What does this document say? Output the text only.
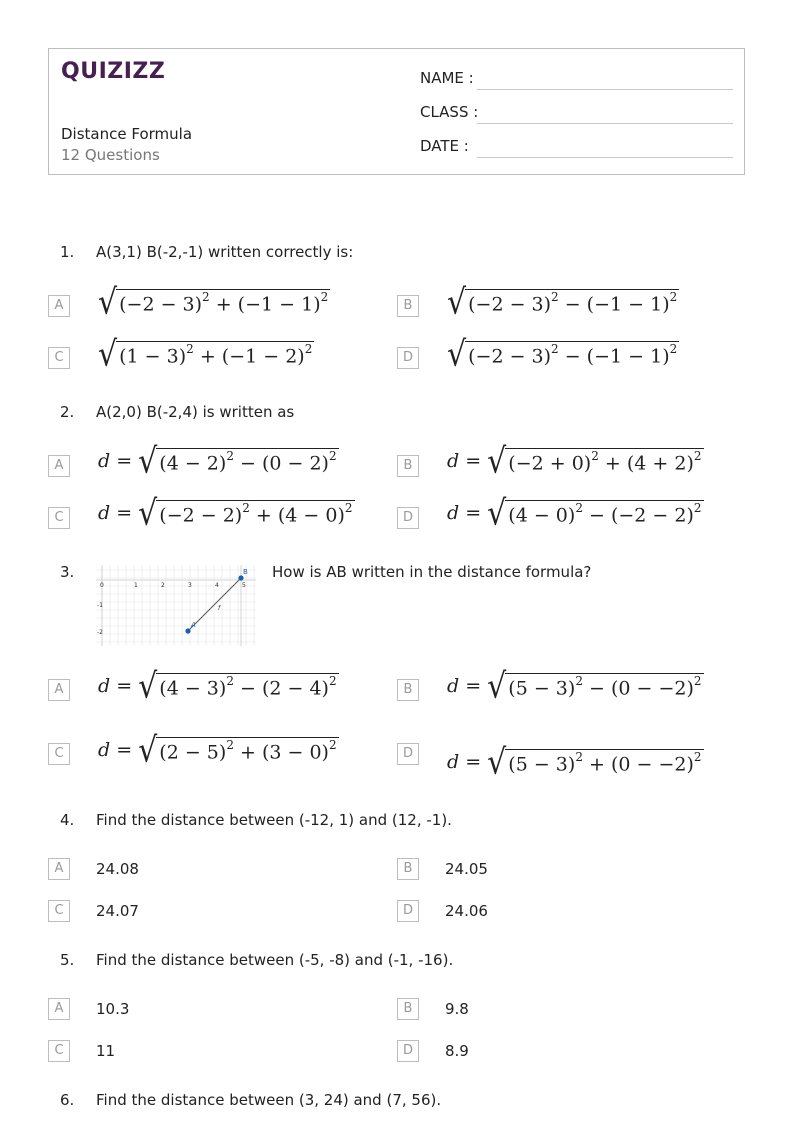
QUIZIZZ
Distance Formula
12 Questions
NAME :
CLASS :
DATE :
1. A(3,1) B(-2,-1) written correctly is:
A √ $(-2 - 3)^2 + (-1 - 1)^2$
B √ $(-2 - 3)^2 - (-1 - 1)^2$
C √ $(1 - 3)^2 + (-1 - 2)^2$
D √ $(-2 - 3)^2 - (-1 - 1)^2$
2. A(2,0) B(-2,4) is written as
A	d = √ $(4 - 2)^2 - (0 - 2)^2$
B	d = √ $(-2 + 0)^2 + (4 + 2)^2$
C	d = √ $(-2 - 2)^2 + (4 - 0)^2$
D	d = √ $(4 - 0)^2 - (-2 - 2)^2$
3.
0	1	2	3	4	5
-1
-2
A
B
f
How is AB written in the distance formula?
A	d = √ $(4 - 3)^2 - (2 - 4)^2$
B	d = √ $(5 - 3)^2 - (0 - -2)^2$
C	d = √ $(2 - 5)^2 + (3 - 0)^2$
D	d = √ $(5 - 3)^2 + (0 - -2)^2$
4. Find the distance between (-12, 1) and (12, -1).
A	24.08	B	24.05
C	24.07	D	24.06
5. Find the distance between (-5, -8) and (-1, -16).
A	10.3	B	9.8
C	11	D	8.9
6. Find the distance between (3, 24) and (7, 56).
